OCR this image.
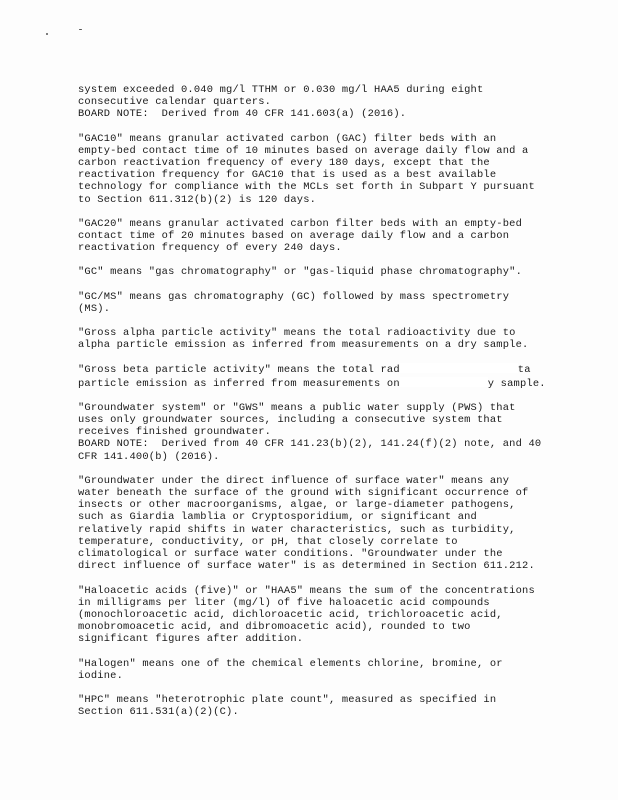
system exceeded 0.040 mg/l TTHM or 0.030 mg/l HAA5 during eight
consecutive calendar quarters.
BOARD NOTE:  Derived from 40 CFR 141.603(a) (2016).

"GAC10" means granular activated carbon (GAC) filter beds with an
empty-bed contact time of 10 minutes based on average daily flow and a
carbon reactivation frequency of every 180 days, except that the
reactivation frequency for GAC10 that is used as a best available
technology for compliance with the MCLs set forth in Subpart Y pursuant
to Section 611.312(b)(2) is 120 days.

"GAC20" means granular activated carbon filter beds with an empty-bed
contact time of 20 minutes based on average daily flow and a carbon
reactivation frequency of every 240 days.

"GC" means "gas chromatography" or "gas-liquid phase chromatography".

"GC/MS" means gas chromatography (GC) followed by mass spectrometry
(MS).

"Gross alpha particle activity" means the total radioactivity due to
alpha particle emission as inferred from measurements on a dry sample.

"Gross beta particle activity" means the total rad	ta
particle emission as inferred from measurements on	y sample.

"Groundwater system" or "GWS" means a public water supply (PWS) that
uses only groundwater sources, including a consecutive system that
receives finished groundwater.
BOARD NOTE:  Derived from 40 CFR 141.23(b)(2), 141.24(f)(2) note, and 40
CFR 141.400(b) (2016).

"Groundwater under the direct influence of surface water" means any
water beneath the surface of the ground with significant occurrence of
insects or other macroorganisms, algae, or large-diameter pathogens,
such as Giardia lamblia or Cryptosporidium, or significant and
relatively rapid shifts in water characteristics, such as turbidity,
temperature, conductivity, or pH, that closely correlate to
climatological or surface water conditions. "Groundwater under the
direct influence of surface water" is as determined in Section 611.212.

"Haloacetic acids (five)" or "HAA5" means the sum of the concentrations
in milligrams per liter (mg/l) of five haloacetic acid compounds
(monochloroacetic acid, dichloroacetic acid, trichloroacetic acid,
monobromoacetic acid, and dibromoacetic acid), rounded to two
significant figures after addition.

"Halogen" means one of the chemical elements chlorine, bromine, or
iodine.

"HPC" means "heterotrophic plate count", measured as specified in
Section 611.531(a)(2)(C).
